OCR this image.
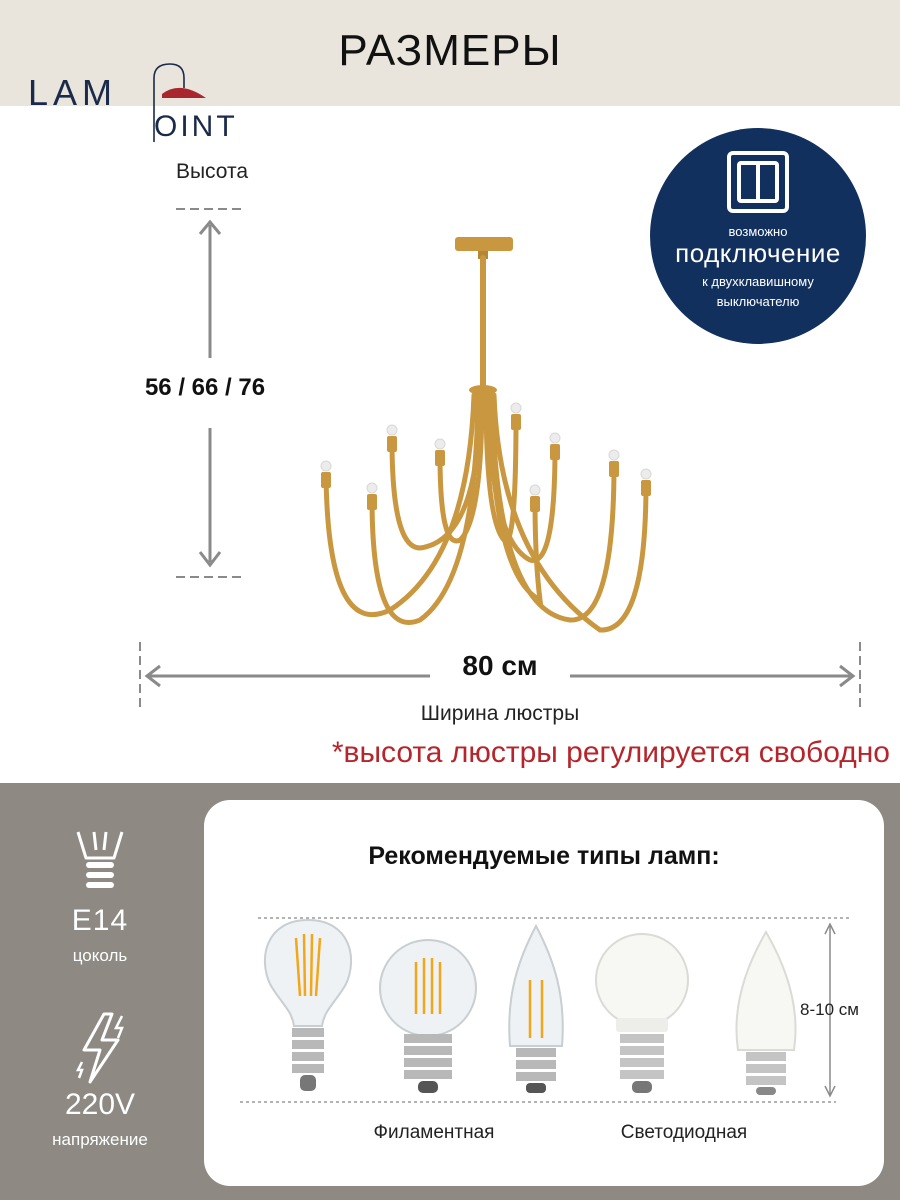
РАЗМЕРЫ
LAM
OINT
Высота
56 / 66 / 76
80 см
Ширина люстры
*высота люстры регулируется свободно
возможно
подключение
к двухклавишному
выключателю
E14
цоколь
220V
напряжение
Рекомендуемые типы ламп:
8-10 см
Филаментная	Светодиодная
